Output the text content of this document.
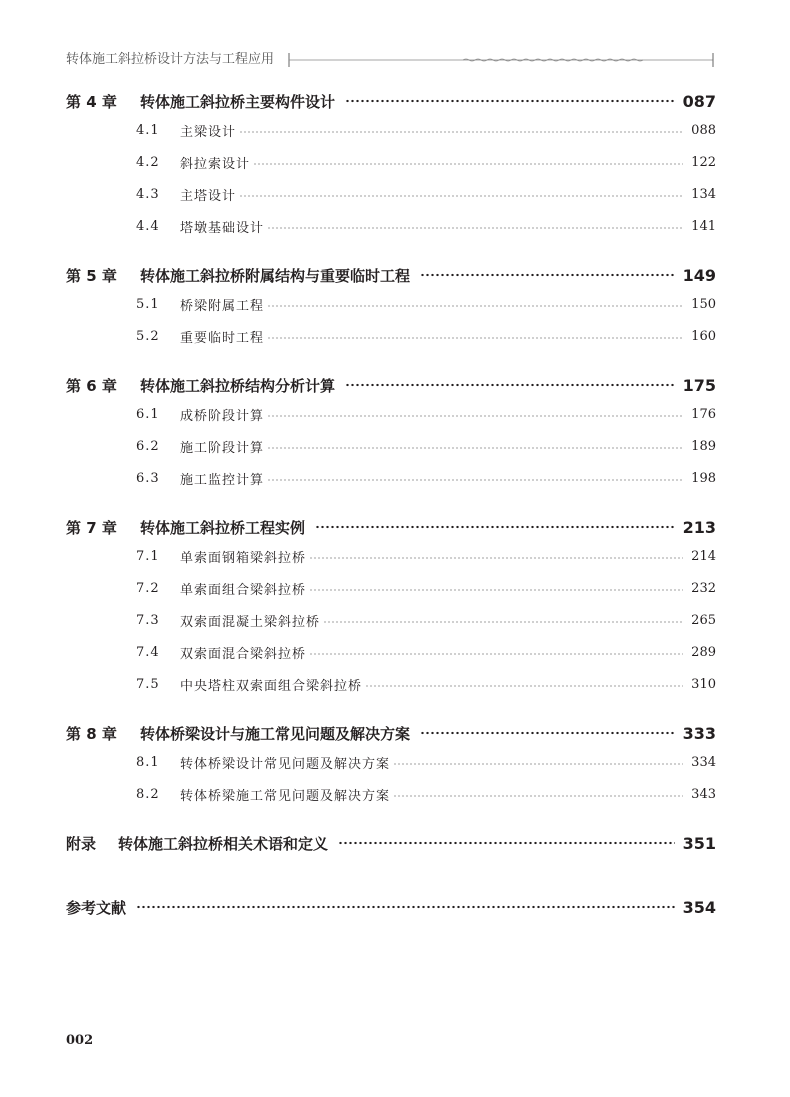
转体施工斜拉桥设计方法与工程应用
第 4 章	转体施工斜拉桥主要构件设计	087
4.1	主梁设计	088
4.2	斜拉索设计	122
4.3	主塔设计	134
4.4	塔墩基础设计	141
第 5 章	转体施工斜拉桥附属结构与重要临时工程	149
5.1	桥梁附属工程	150
5.2	重要临时工程	160
第 6 章	转体施工斜拉桥结构分析计算	175
6.1	成桥阶段计算	176
6.2	施工阶段计算	189
6.3	施工监控计算	198
第 7 章	转体施工斜拉桥工程实例	213
7.1	单索面钢箱梁斜拉桥	214
7.2	单索面组合梁斜拉桥	232
7.3	双索面混凝土梁斜拉桥	265
7.4	双索面混合梁斜拉桥	289
7.5	中央塔柱双索面组合梁斜拉桥	310
第 8 章	转体桥梁设计与施工常见问题及解决方案	333
8.1	转体桥梁设计常见问题及解决方案	334
8.2	转体桥梁施工常见问题及解决方案	343
附录	转体施工斜拉桥相关术语和定义	351
参考文献	354
002
